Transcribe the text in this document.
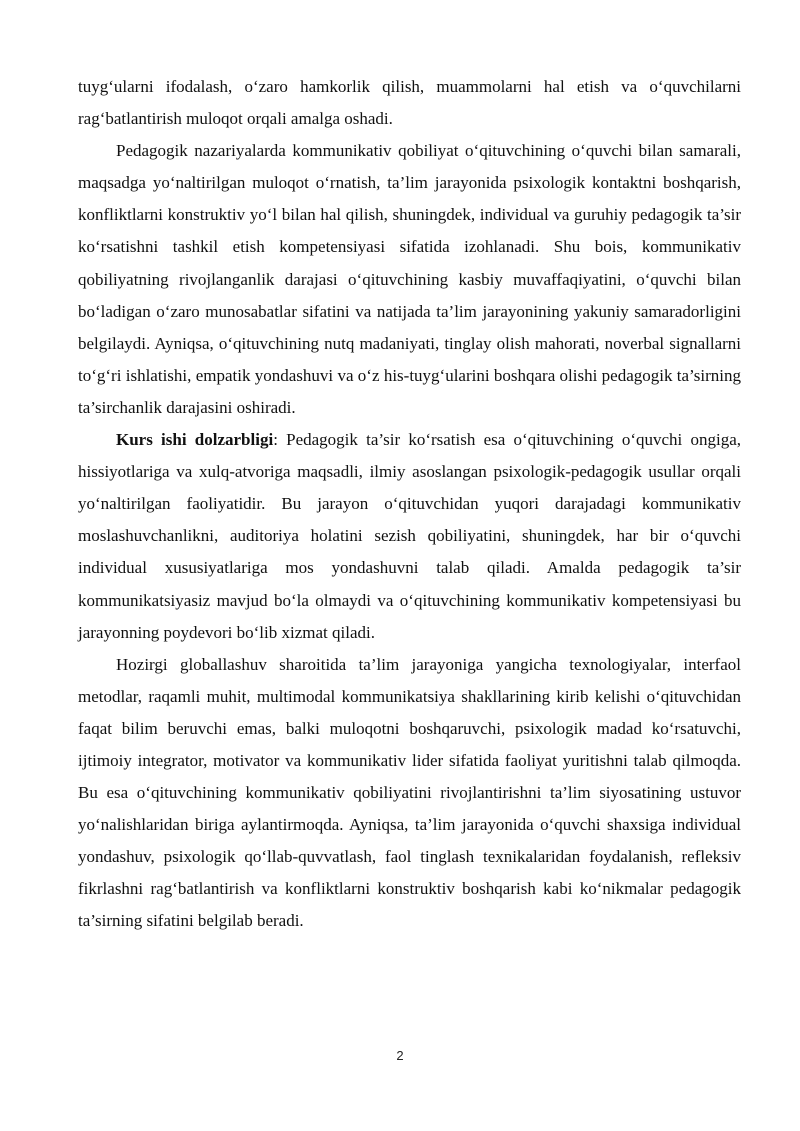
tuyg‘ularni ifodalash, o‘zaro hamkorlik qilish, muammolarni hal etish va o‘quvchilarni rag‘batlantirish muloqot orqali amalga oshadi.

Pedagogik nazariyalarda kommunikativ qobiliyat o‘qituvchining o‘quvchi bilan samarali, maqsadga yo‘naltirilgan muloqot o‘rnatish, ta’lim jarayonida psixologik kontaktni boshqarish, konfliktlarni konstruktiv yo‘l bilan hal qilish, shuningdek, individual va guruhiy pedagogik ta’sir ko‘rsatishni tashkil etish kompetensiyasi sifatida izohlanadi. Shu bois, kommunikativ qobiliyatning rivojlanganlik darajasi o‘qituvchining kasbiy muvaffaqiyatini, o‘quvchi bilan bo‘ladigan o‘zaro munosabatlar sifatini va natijada ta’lim jarayonining yakuniy samaradorligini belgilaydi. Ayniqsa, o‘qituvchining nutq madaniyati, tinglay olish mahorati, noverbal signallarni to‘g‘ri ishlatishi, empatik yondashuvi va o‘z his-tuyg‘ularini boshqara olishi pedagogik ta’sirning ta’sirchanlik darajasini oshiradi.

Kurs ishi dolzarbligi: Pedagogik ta’sir ko‘rsatish esa o‘qituvchining o‘quvchi ongiga, hissiyotlariga va xulq-atvoriga maqsadli, ilmiy asoslangan psixologik-pedagogik usullar orqali yo‘naltirilgan faoliyatidir. Bu jarayon o‘qituvchidan yuqori darajadagi kommunikativ moslashuvchanlikni, auditoriya holatini sezish qobiliyatini, shuningdek, har bir o‘quvchi individual xususiyatlariga mos yondashuvni talab qiladi. Amalda pedagogik ta’sir kommunikatsiyasiz mavjud bo‘la olmaydi va o‘qituvchining kommunikativ kompetensiyasi bu jarayonning poydevori bo‘lib xizmat qiladi.

Hozirgi globallashuv sharoitida ta’lim jarayoniga yangicha texnologiyalar, interfaol metodlar, raqamli muhit, multimodal kommunikatsiya shakllarining kirib kelishi o‘qituvchidan faqat bilim beruvchi emas, balki muloqotni boshqaruvchi, psixologik madad ko‘rsatuvchi, ijtimoiy integrator, motivator va kommunikativ lider sifatida faoliyat yuritishni talab qilmoqda. Bu esa o‘qituvchining kommunikativ qobiliyatini rivojlantirishni ta’lim siyosatining ustuvor yo‘nalishlaridan biriga aylantirmoqda. Ayniqsa, ta’lim jarayonida o‘quvchi shaxsiga individual yondashuv, psixologik qo‘llab-quvvatlash, faol tinglash texnikalaridan foydalanish, refleksiv fikrlashni rag‘batlantirish va konfliktlarni konstruktiv boshqarish kabi ko‘nikmalar pedagogik ta’sirning sifatini belgilab beradi.

2
